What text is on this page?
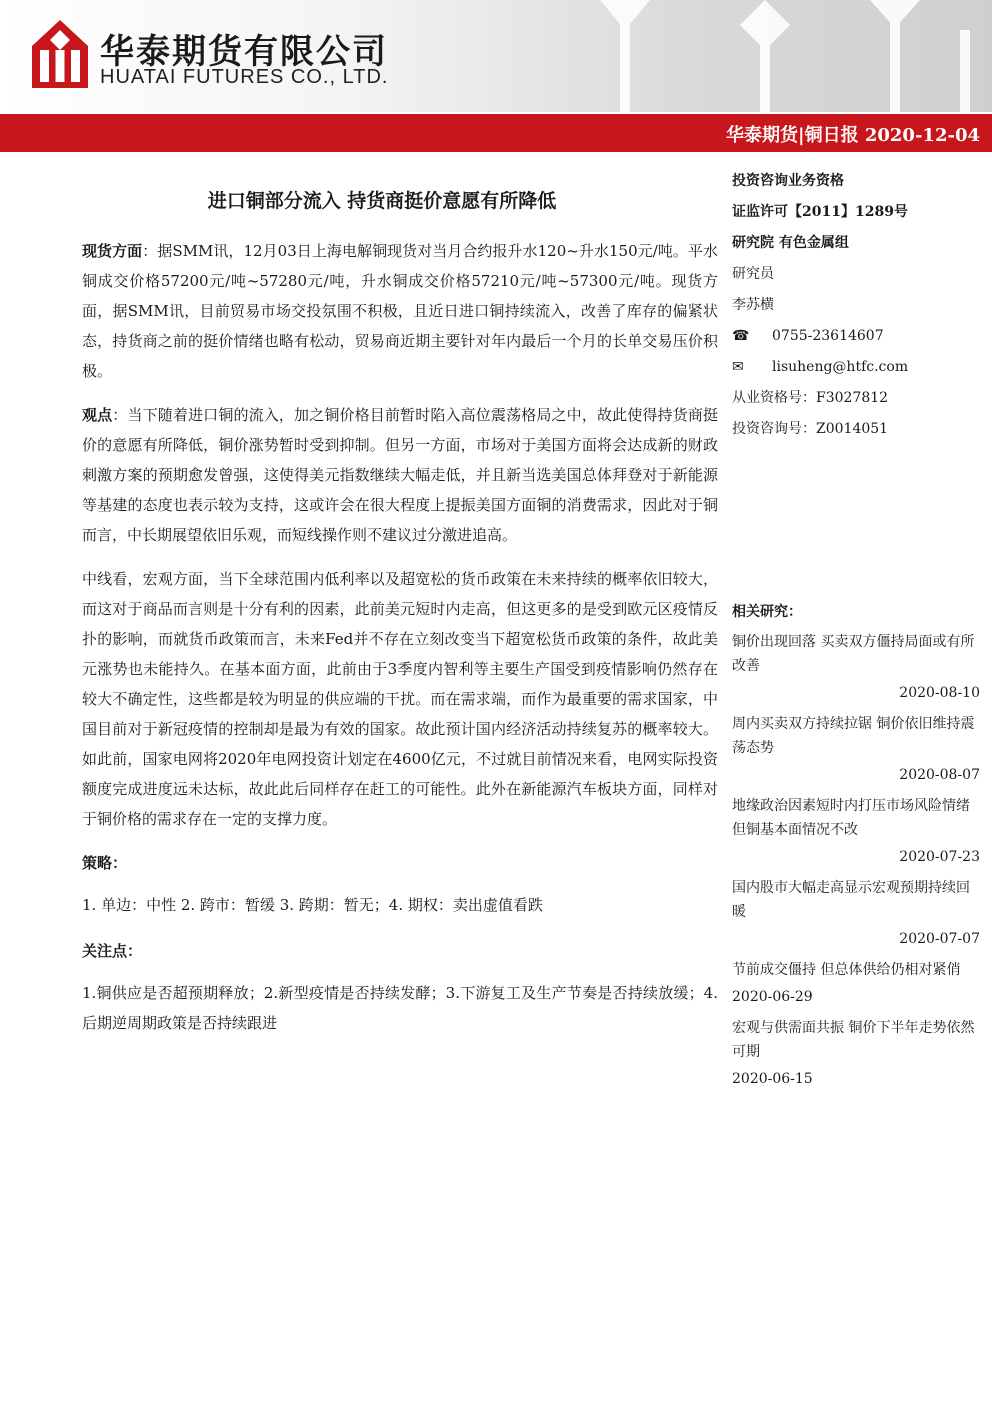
华泰期货有限公司
HUATAI FUTURES CO., LTD.
华泰期货|铜日报 2020-12-04
进口铜部分流入 持货商挺价意愿有所降低

现货方面：据SMM讯，12月03日上海电解铜现货对当月合约报升水120~升水150元/吨。平水铜成交价格57200元/吨~57280元/吨，升水铜成交价格57210元/吨~57300元/吨。现货方面，据SMM讯，目前贸易市场交投氛围不积极，且近日进口铜持续流入，改善了库存的偏紧状态，持货商之前的挺价情绪也略有松动，贸易商近期主要针对年内最后一个月的长单交易压价积极。

观点：当下随着进口铜的流入，加之铜价格目前暂时陷入高位震荡格局之中，故此使得持货商挺价的意愿有所降低，铜价涨势暂时受到抑制。但另一方面，市场对于美国方面将会达成新的财政刺激方案的预期愈发曾强，这使得美元指数继续大幅走低，并且新当选美国总体拜登对于新能源等基建的态度也表示较为支持，这或许会在很大程度上提振美国方面铜的消费需求，因此对于铜而言，中长期展望依旧乐观，而短线操作则不建议过分激进追高。

中线看，宏观方面，当下全球范围内低利率以及超宽松的货币政策在未来持续的概率依旧较大，而这对于商品而言则是十分有利的因素，此前美元短时内走高，但这更多的是受到欧元区疫情反扑的影响，而就货币政策而言，未来Fed并不存在立刻改变当下超宽松货币政策的条件，故此美元涨势也未能持久。在基本面方面，此前由于3季度内智利等主要生产国受到疫情影响仍然存在较大不确定性，这些都是较为明显的供应端的干扰。而在需求端，而作为最重要的需求国家，中国目前对于新冠疫情的控制却是最为有效的国家。故此预计国内经济活动持续复苏的概率较大。如此前，国家电网将2020年电网投资计划定在4600亿元，不过就目前情况来看，电网实际投资额度完成进度远未达标，故此此后同样存在赶工的可能性。此外在新能源汽车板块方面，同样对于铜价格的需求存在一定的支撑力度。

策略：
1. 单边：中性 2. 跨市：暂缓 3. 跨期：暂无；4. 期权：卖出虚值看跌
关注点：

1.铜供应是否超预期释放；2.新型疫情是否持续发酵；3.下游复工及生产节奏是否持续放缓；4. 后期逆周期政策是否持续跟进

投资咨询业务资格
证监许可【2011】1289号
研究院 有色金属组
研究员
李苏横
☎	0755-23614607
✉	lisuheng@htfc.com
从业资格号：F3027812
投资咨询号：Z0014051
相关研究：
铜价出现回落 买卖双方僵持局面或有所改善
2020-08-10
周内买卖双方持续拉锯 铜价依旧维持震荡态势
2020-08-07
地缘政治因素短时内打压市场风险情绪 但铜基本面情况不改
2020-07-23
国内股市大幅走高显示宏观预期持续回暖
2020-07-07
节前成交僵持 但总体供给仍相对紧俏
2020-06-29
宏观与供需面共振 铜价下半年走势依然可期
2020-06-15
